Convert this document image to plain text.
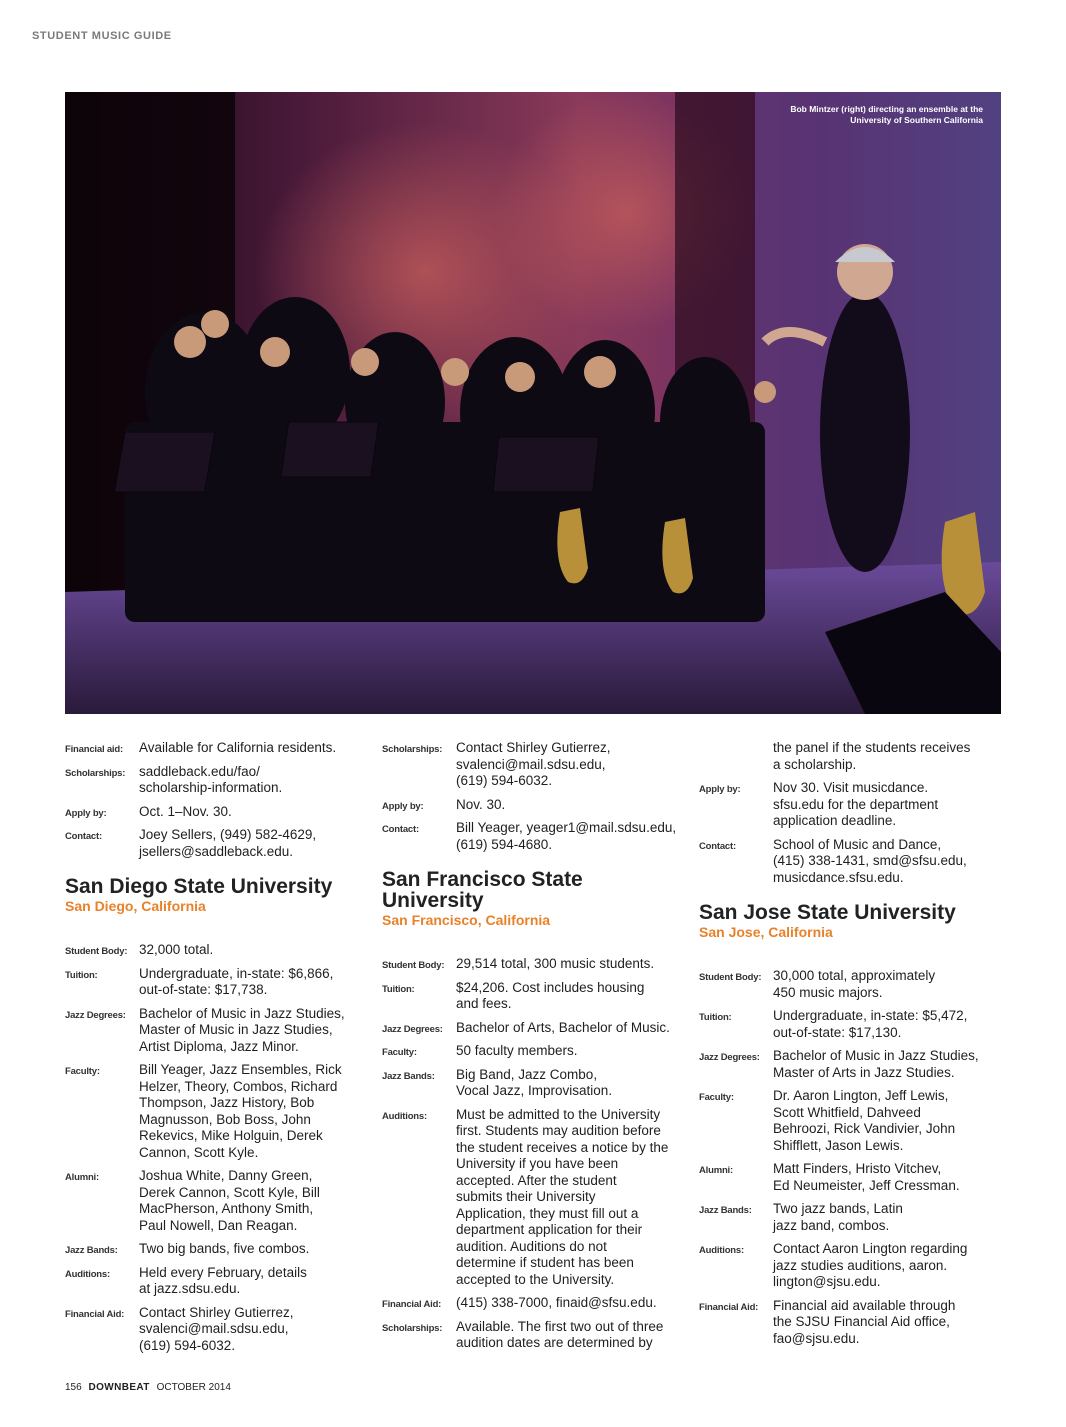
STUDENT MUSIC GUIDE
Bob Mintzer (right) directing an ensemble at the
University of Southern California
Financial aid:	Available for California residents.
Scholarships:	saddleback.edu/fao/
scholarship-information.
Apply by:	Oct. 1–Nov. 30.
Contact:	Joey Sellers, (949) 582-4629,
jsellers@saddleback.edu.
San Diego State University
San Diego, California
Student Body: 32,000 total.
Tuition:	Undergraduate, in-state: $6,866,
out-of-state: $17,738.
Jazz Degrees: Bachelor of Music in Jazz Studies,
Master of Music in Jazz Studies,
Artist Diploma, Jazz Minor.
Faculty:	Bill Yeager, Jazz Ensembles, Rick
Helzer, Theory, Combos, Richard
Thompson, Jazz History, Bob
Magnusson, Bob Boss, John
Rekevics, Mike Holguin, Derek
Cannon, Scott Kyle.
Alumni:	Joshua White, Danny Green,
Derek Cannon, Scott Kyle, Bill
MacPherson, Anthony Smith,
Paul Nowell, Dan Reagan.
Jazz Bands:	Two big bands, five combos.
Auditions:	Held every February, details
at jazz.sdsu.edu.
Financial Aid:	Contact Shirley Gutierrez,
svalenci@mail.sdsu.edu,
(619) 594-6032.
Scholarships:	Contact Shirley Gutierrez,
svalenci@mail.sdsu.edu,
(619) 594-6032.
Apply by:	Nov. 30.
Contact:	Bill Yeager, yeager1@mail.sdsu.edu,
(619) 594-4680.
San Francisco State
University
San Francisco, California
Student Body: 29,514 total, 300 music students.
Tuition:	$24,206. Cost includes housing
and fees.
Jazz Degrees: Bachelor of Arts, Bachelor of Music.
Faculty:	50 faculty members.
Jazz Bands:	Big Band, Jazz Combo,
Vocal Jazz, Improvisation.
Auditions:	Must be admitted to the University
first. Students may audition before
the student receives a notice by the
University if you have been
accepted. After the student
submits their University
Application, they must fill out a
department application for their
audition. Auditions do not
determine if student has been
accepted to the University.
Financial Aid:	(415) 338-7000, finaid@sfsu.edu.
Scholarships:	Available. The first two out of three
audition dates are determined by
the panel if the students receives
a scholarship.
Apply by:	Nov 30. Visit musicdance.
sfsu.edu for the department
application deadline.
Contact:	School of Music and Dance,
(415) 338-1431, smd@sfsu.edu,
musicdance.sfsu.edu.
San Jose State University
San Jose, California
Student Body: 30,000 total, approximately
450 music majors.
Tuition:	Undergraduate, in-state: $5,472,
out-of-state: $17,130.
Jazz Degrees: Bachelor of Music in Jazz Studies,
Master of Arts in Jazz Studies.
Faculty:	Dr. Aaron Lington, Jeff Lewis,
Scott Whitfield, Dahveed
Behroozi, Rick Vandivier, John
Shifflett, Jason Lewis.
Alumni:	Matt Finders, Hristo Vitchev,
Ed Neumeister, Jeff Cressman.
Jazz Bands:	Two jazz bands, Latin
jazz band, combos.
Auditions:	Contact Aaron Lington regarding
jazz studies auditions, aaron.
lington@sjsu.edu.
Financial Aid:	Financial aid available through
the SJSU Financial Aid office,
fao@sjsu.edu.
156 DOWNBEAT OCTOBER 2014
